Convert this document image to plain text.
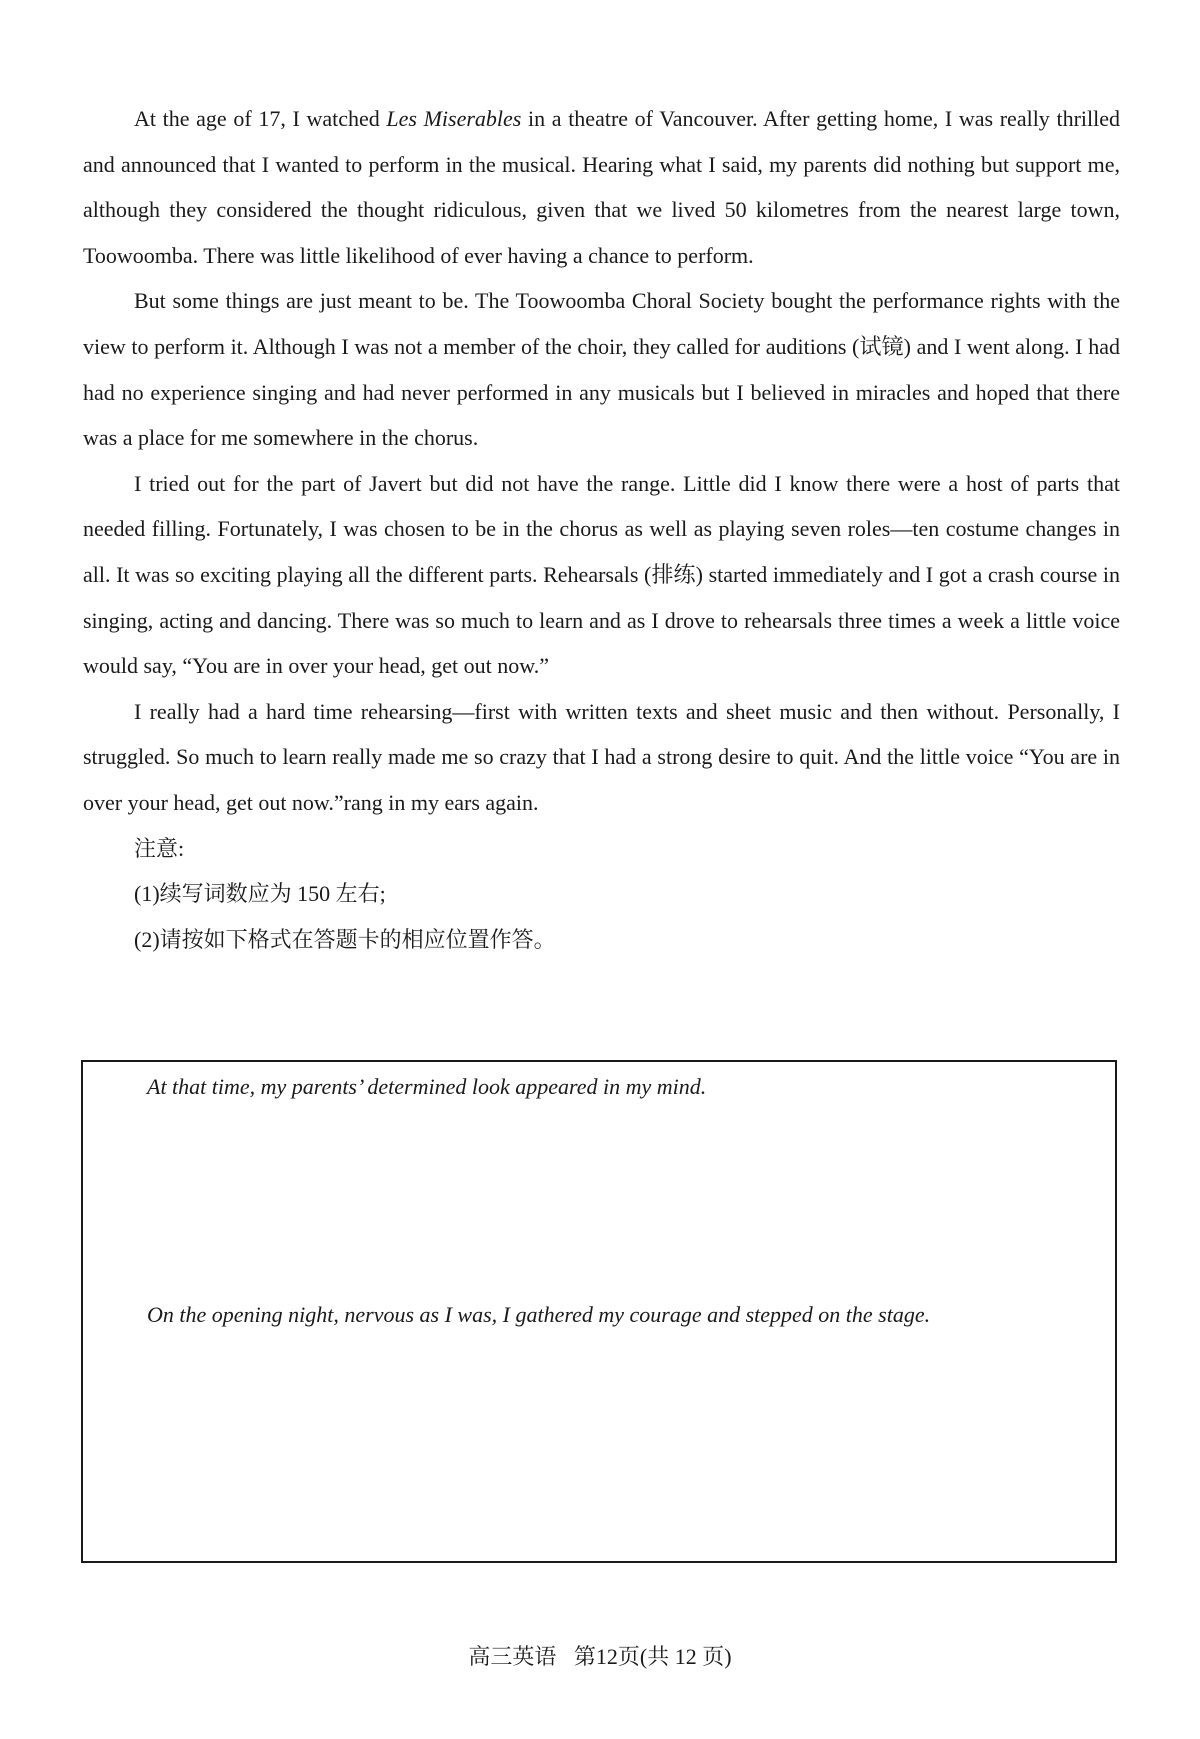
At the age of 17, I watched Les Miserables in a theatre of Vancouver. After getting home, I was really thrilled and announced that I wanted to perform in the musical. Hearing what I said, my parents did nothing but support me, although they considered the thought ridiculous, given that we lived 50 kilometres from the nearest large town, Toowoomba. There was little likelihood of ever having a chance to perform.

But some things are just meant to be. The Toowoomba Choral Society bought the performance rights with the view to perform it. Although I was not a member of the choir, they called for auditions (试镜) and I went along. I had had no experience singing and had never performed in any musicals but I believed in miracles and hoped that there was a place for me somewhere in the chorus.

I tried out for the part of Javert but did not have the range. Little did I know there were a host of parts that needed filling. Fortunately, I was chosen to be in the chorus as well as playing seven roles—ten costume changes in all. It was so exciting playing all the different parts. Rehearsals (排练) started immediately and I got a crash course in singing, acting and dancing. There was so much to learn and as I drove to rehearsals three times a week a little voice would say, “You are in over your head, get out now.”

I really had a hard time rehearsing—first with written texts and sheet music and then without. Personally, I struggled. So much to learn really made me so crazy that I had a strong desire to quit. And the little voice “You are in over your head, get out now.”rang in my ears again.

注意:

(1)续写词数应为 150 左右;

(2)请按如下格式在答题卡的相应位置作答。

At that time, my parents’ determined look appeared in my mind.
On the opening night, nervous as I was, I gathered my courage and stepped on the stage.
高三英语 第12页(共 12 页)
